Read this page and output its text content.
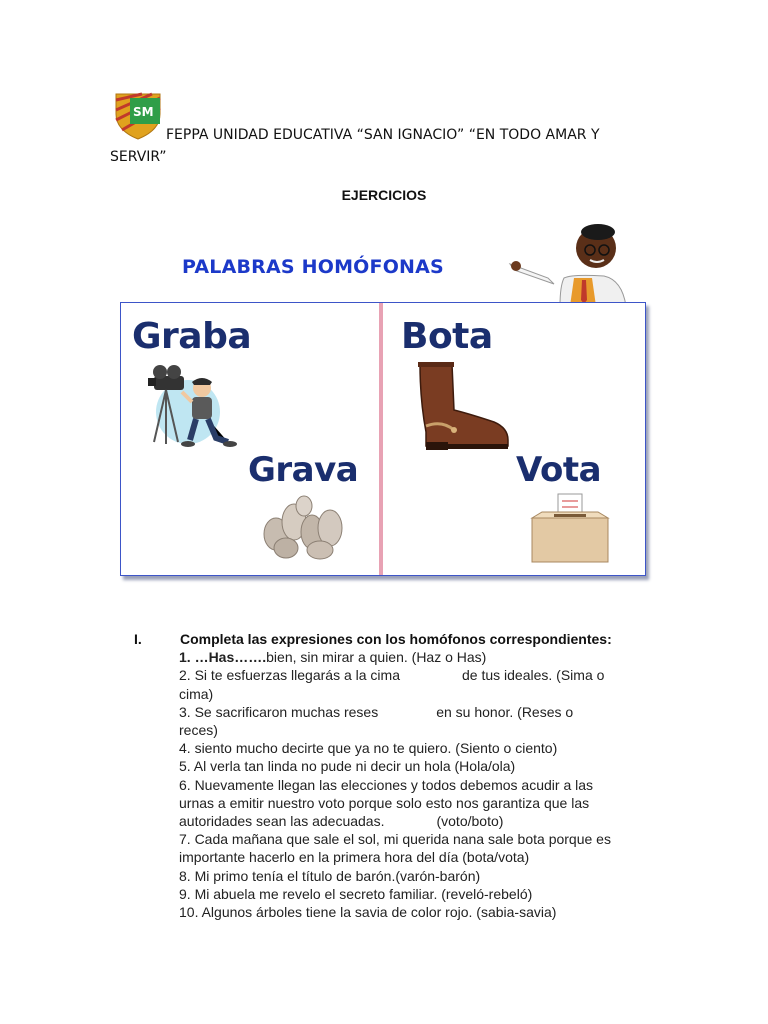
SM
FEPPA UNIDAD EDUCATIVA “SAN IGNACIO” “EN TODO AMAR Y
SERVIR”
EJERCICIOS
PALABRAS HOMÓFONAS
Graba	Bota
Grava	Vota
I.	Completa las expresiones con los homófonos correspondientes:
1. …Has…….bien, sin mirar a quien. (Haz o Has)
2. Si te esfuerzas llegarás a la cima	de tus ideales. (Sima o
cima)
3. Se sacrificaron muchas reses	en su honor. (Reses o
reces)
4. siento mucho decirte que ya no te quiero. (Siento o ciento)
5. Al verla tan linda no pude ni decir un hola (Hola/ola)
6. Nuevamente llegan las elecciones y todos debemos acudir a las
urnas a emitir nuestro voto porque solo esto nos garantiza que las
autoridades sean las adecuadas.	(voto/boto)
7. Cada mañana que sale el sol, mi querida nana sale bota porque es
importante hacerlo en la primera hora del día (bota/vota)
8. Mi primo tenía el título de barón.(varón-barón)
9. Mi abuela me revelo el secreto familiar. (reveló-rebeló)
10. Algunos árboles tiene la savia de color rojo. (sabia-savia)
